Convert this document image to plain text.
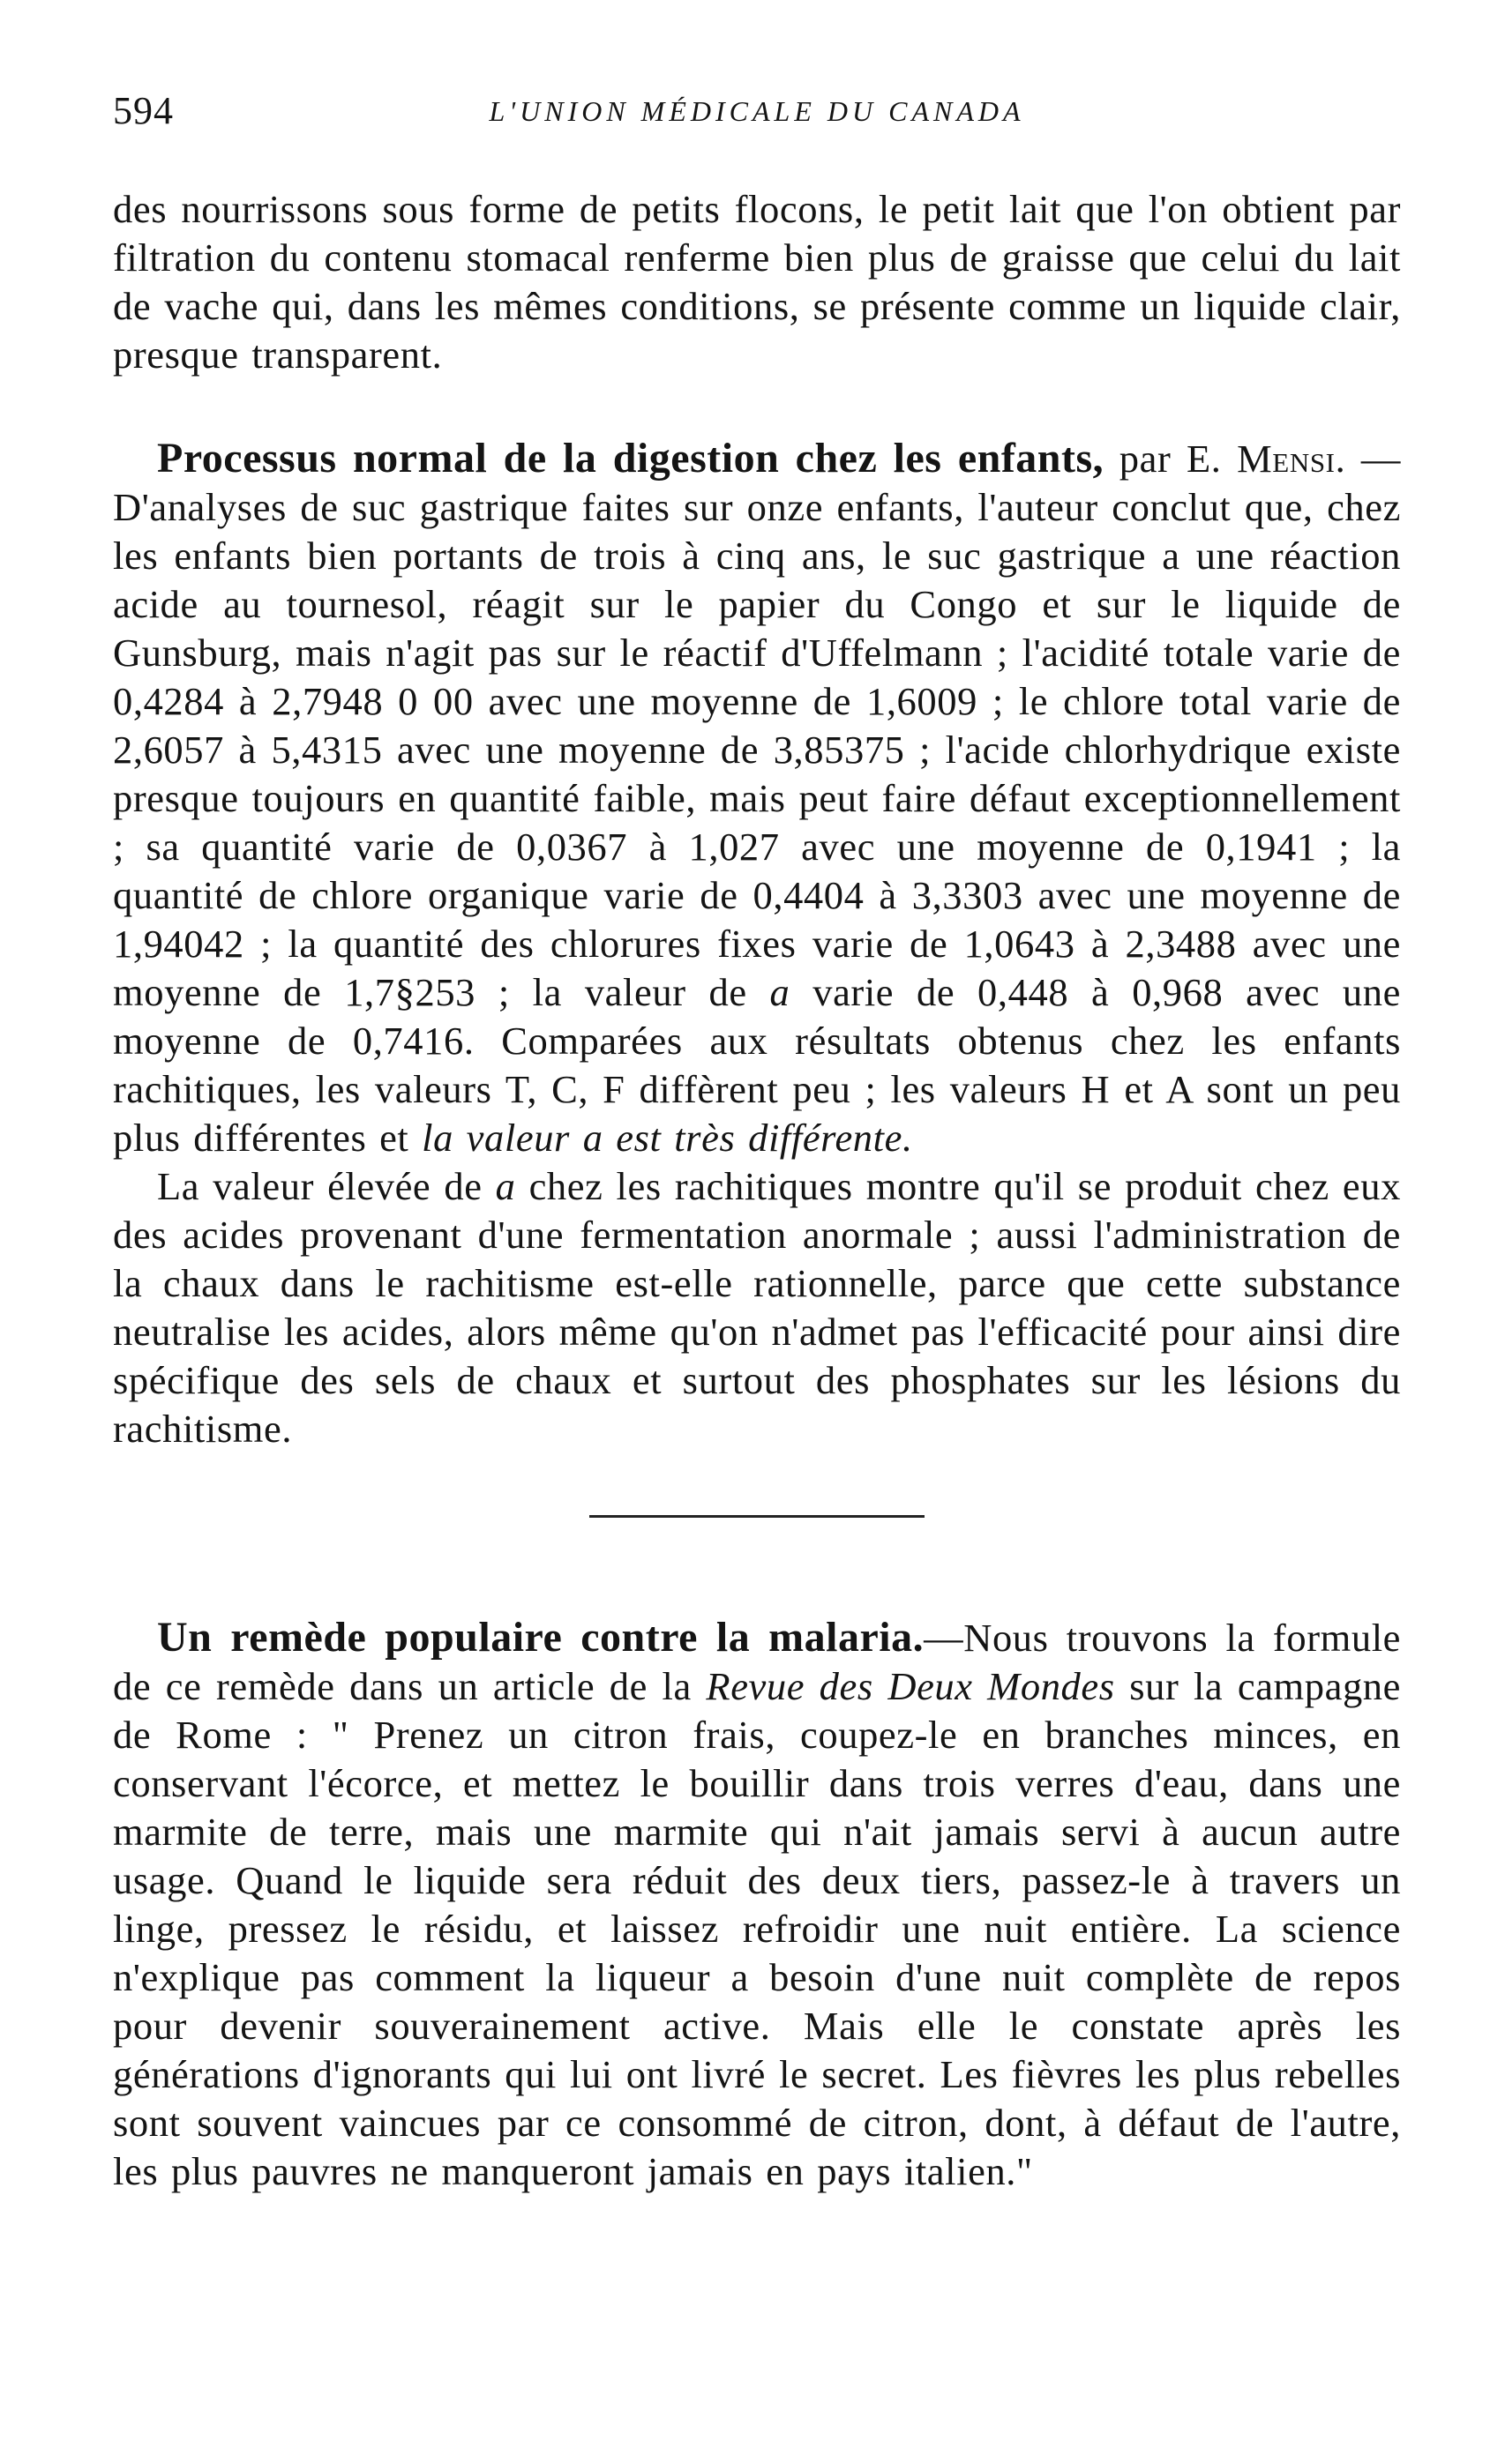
594	L'UNION MÉDICALE DU CANADA

des nourrissons sous forme de petits flocons, le petit lait que l'on obtient par filtration du contenu stomacal renferme bien plus de graisse que celui du lait de vache qui, dans les mêmes conditions, se présente comme un liquide clair, presque transparent.

Processus normal de la digestion chez les enfants, par E. Mensi. — D'analyses de suc gastrique faites sur onze enfants, l'auteur conclut que, chez les enfants bien portants de trois à cinq ans, le suc gastrique a une réaction acide au tournesol, réagit sur le papier du Congo et sur le liquide de Gunsburg, mais n'agit pas sur le réactif d'Uffelmann ; l'acidité totale varie de 0,4284 à 2,7948 0 00 avec une moyenne de 1,6009 ; le chlore total varie de 2,6057 à 5,4315 avec une moyenne de 3,85375 ; l'acide chlorhydrique existe presque toujours en quantité faible, mais peut faire défaut exceptionnellement ; sa quantité varie de 0,0367 à 1,027 avec une moyenne de 0,1941 ; la quantité de chlore organique varie de 0,4404 à 3,3303 avec une moyenne de 1,94042 ; la quantité des chlorures fixes varie de 1,0643 à 2,3488 avec une moyenne de 1,7§253 ; la valeur de a varie de 0,448 à 0,968 avec une moyenne de 0,7416. Comparées aux résultats obtenus chez les enfants rachitiques, les valeurs T, C, F diffèrent peu ; les valeurs H et A sont un peu plus différentes et la valeur a est très différente.

La valeur élevée de a chez les rachitiques montre qu'il se produit chez eux des acides provenant d'une fermentation anormale ; aussi l'administration de la chaux dans le rachitisme est-elle rationnelle, parce que cette substance neutralise les acides, alors même qu'on n'admet pas l'efficacité pour ainsi dire spécifique des sels de chaux et surtout des phosphates sur les lésions du rachitisme.

Un remède populaire contre la malaria.—Nous trouvons la formule de ce remède dans un article de la Revue des Deux Mondes sur la campagne de Rome : " Prenez un citron frais, coupez-le en branches minces, en conservant l'écorce, et mettez le bouillir dans trois verres d'eau, dans une marmite de terre, mais une marmite qui n'ait jamais servi à aucun autre usage. Quand le liquide sera réduit des deux tiers, passez-le à travers un linge, pressez le résidu, et laissez refroidir une nuit entière. La science n'explique pas comment la liqueur a besoin d'une nuit complète de repos pour devenir souverainement active. Mais elle le constate après les générations d'ignorants qui lui ont livré le secret. Les fièvres les plus rebelles sont souvent vaincues par ce consommé de citron, dont, à défaut de l'autre, les plus pauvres ne manqueront jamais en pays italien."
